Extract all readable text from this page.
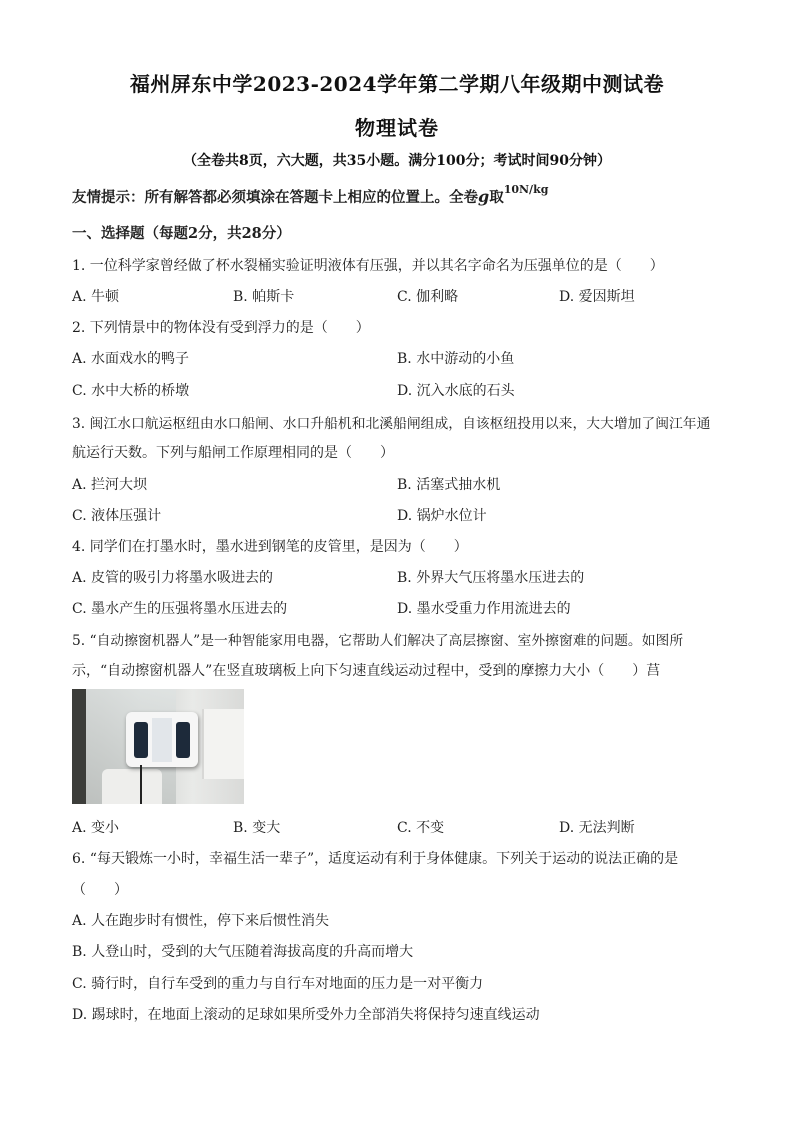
福州屏东中学2023-2024学年第二学期八年级期中测试卷
物理试卷
（全卷共8页，六大题，共35小题。满分100分；考试时间90分钟）
友情提示：所有解答都必须填涂在答题卡上相应的位置上。全卷g取$^{10N/kg}$
一、选择题（每题2分，共28分）
1. 一位科学家曾经做了杯水裂桶实验证明液体有压强，并以其名字命名为压强单位的是（　　）
A. 牛顿	B. 帕斯卡	C. 伽利略	D. 爱因斯坦
2. 下列情景中的物体没有受到浮力的是（　　）
A. 水面戏水的鸭子	B. 水中游动的小鱼
C. 水中大桥的桥墩	D. 沉入水底的石头
3. 闽江水口航运枢纽由水口船闸、水口升船机和北溪船闸组成，自该枢纽投用以来，大大增加了闽江年通
航运行天数。下列与船闸工作原理相同的是（　　）
A. 拦河大坝	B. 活塞式抽水机
C. 液体压强计	D. 锅炉水位计
4. 同学们在打墨水时，墨水进到钢笔的皮管里，是因为（　　）
A. 皮管的吸引力将墨水吸进去的	B. 外界大气压将墨水压进去的
C. 墨水产生的压强将墨水压进去的	D. 墨水受重力作用流进去的
5. “自动擦窗机器人”是一种智能家用电器，它帮助人们解决了高层擦窗、室外擦窗难的问题。如图所
示，“自动擦窗机器人”在竖直玻璃板上向下匀速直线运动过程中，受到的摩擦力大小（　　）莒
A. 变小	B. 变大	C. 不变	D. 无法判断
6. “每天锻炼一小时，幸福生活一辈子”，适度运动有利于身体健康。下列关于运动的说法正确的是
（　　）
A. 人在跑步时有惯性，停下来后惯性消失
B. 人登山时，受到的大气压随着海拔高度的升高而增大
C. 骑行时，自行车受到的重力与自行车对地面的压力是一对平衡力
D. 踢球时，在地面上滚动的足球如果所受外力全部消失将保持匀速直线运动
